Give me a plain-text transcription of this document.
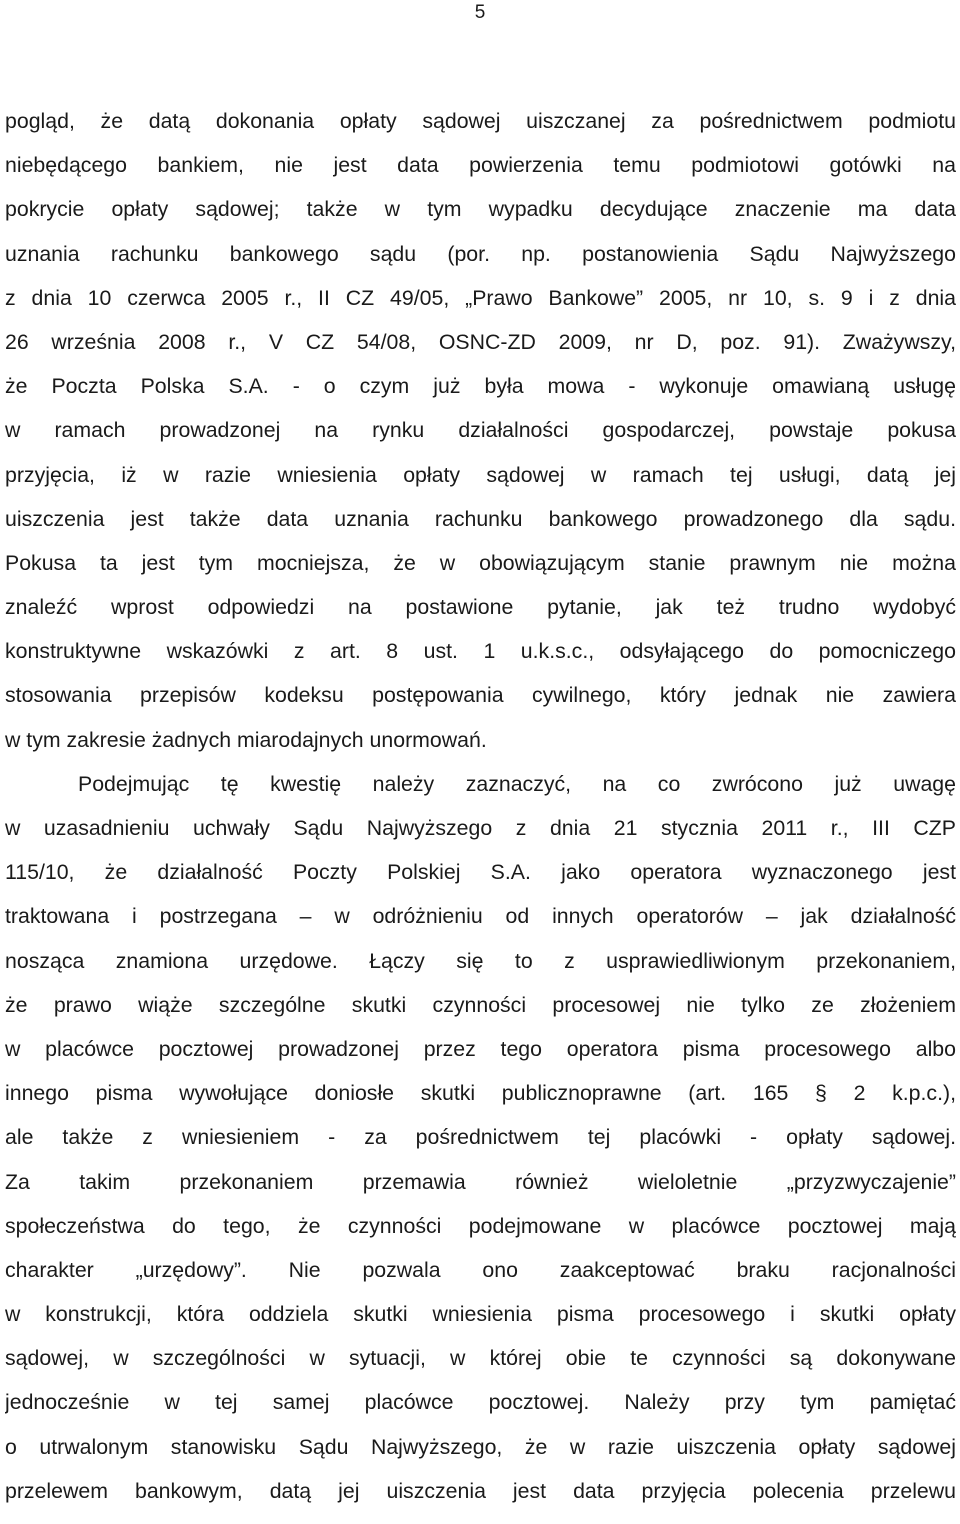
5
pogląd, że datą dokonania opłaty sądowej uiszczanej za pośrednictwem podmiotu
niebędącego bankiem, nie jest data powierzenia temu podmiotowi gotówki na
pokrycie opłaty sądowej; także w tym wypadku decydujące znaczenie ma data
uznania rachunku bankowego sądu (por. np. postanowienia Sądu Najwyższego
z dnia 10 czerwca 2005 r., II CZ 49/05, „Prawo Bankowe” 2005, nr 10, s. 9 i z dnia
26 września 2008 r., V CZ 54/08, OSNC-ZD 2009, nr D, poz. 91). Zważywszy,
że Poczta Polska S.A. - o czym już była mowa - wykonuje omawianą usługę
w ramach prowadzonej na rynku działalności gospodarczej, powstaje pokusa
przyjęcia, iż w razie wniesienia opłaty sądowej w ramach tej usługi, datą jej
uiszczenia jest także data uznania rachunku bankowego prowadzonego dla sądu.
Pokusa ta jest tym mocniejsza, że w obowiązującym stanie prawnym nie można
znaleźć wprost odpowiedzi na postawione pytanie, jak też trudno wydobyć
konstruktywne wskazówki z art. 8 ust. 1 u.k.s.c., odsyłającego do pomocniczego
stosowania przepisów kodeksu postępowania cywilnego, który jednak nie zawiera
w tym zakresie żadnych miarodajnych unormowań.
Podejmując tę kwestię należy zaznaczyć, na co zwrócono już uwagę
w uzasadnieniu uchwały Sądu Najwyższego z dnia 21 stycznia 2011 r., III CZP
115/10, że działalność Poczty Polskiej S.A. jako operatora wyznaczonego jest
traktowana i postrzegana – w odróżnieniu od innych operatorów – jak działalność
nosząca znamiona urzędowe. Łączy się to z usprawiedliwionym przekonaniem,
że prawo wiąże szczególne skutki czynności procesowej nie tylko ze złożeniem
w placówce pocztowej prowadzonej przez tego operatora pisma procesowego albo
innego pisma wywołujące doniosłe skutki publicznoprawne (art. 165 § 2 k.p.c.),
ale także z wniesieniem - za pośrednictwem tej placówki - opłaty sądowej.
Za takim przekonaniem przemawia również wieloletnie „przyzwyczajenie”
społeczeństwa do tego, że czynności podejmowane w placówce pocztowej mają
charakter „urzędowy”. Nie pozwala ono zaakceptować braku racjonalności
w konstrukcji, która oddziela skutki wniesienia pisma procesowego i skutki opłaty
sądowej, w szczególności w sytuacji, w której obie te czynności są dokonywane
jednocześnie w tej samej placówce pocztowej. Należy przy tym pamiętać
o utrwalonym stanowisku Sądu Najwyższego, że w razie uiszczenia opłaty sądowej
przelewem bankowym, datą jej uiszczenia jest data przyjęcia polecenia przelewu
